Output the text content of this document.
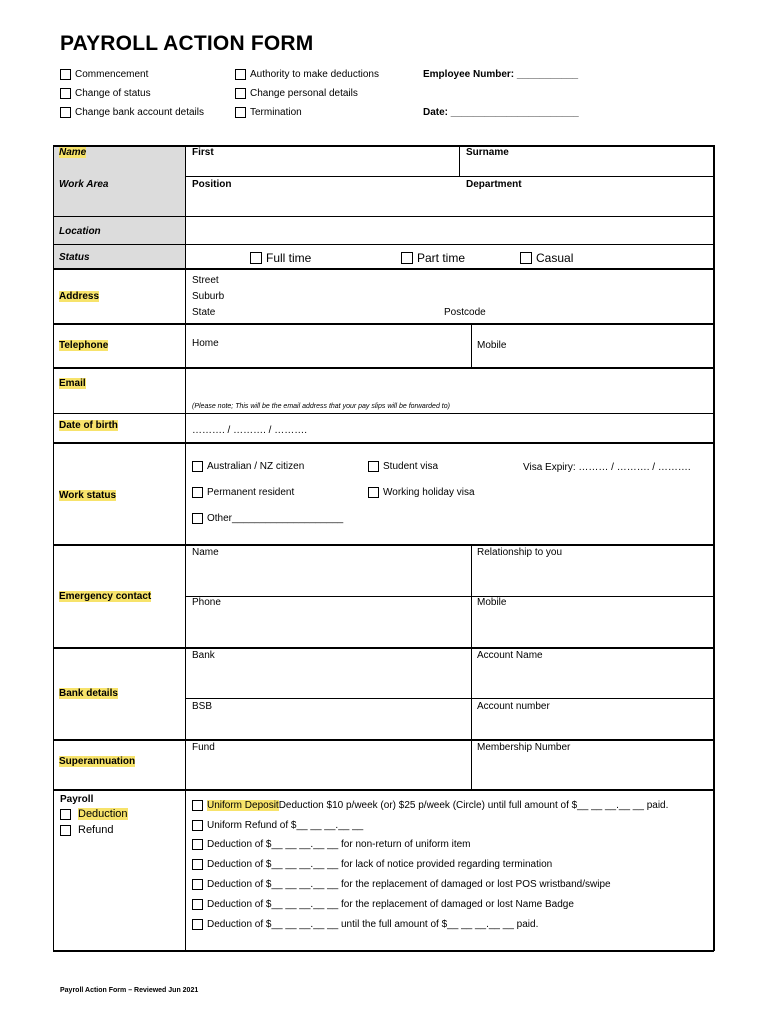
PAYROLL ACTION FORM
Commencement
Change of status
Change bank account details
Authority to make deductions
Change personal details
Termination
Employee Number: ___________
Date: _______________________
Name	First	Surname
Work Area	Position	Department
Location
Status	Full time	Part time	Casual
Address
Street
Suburb
State	Postcode
Telephone	Home	Mobile
Email
(Please note; This will be the email address that your pay slips will be forwarded to)
Date of birth	………. / ………. / ……….
Work status
Australian / NZ citizen	Student visa	Visa Expiry: ……… / ………. / ……….
Permanent resident	Working holiday visa
Other____________________
Emergency contact
Name	Relationship to you
Phone	Mobile
Bank details
Bank	Account Name
BSB	Account number
Superannuation
Fund	Membership Number
Payroll
Deduction
Refund
Uniform Deposit Deduction $10 p/week (or) $25 p/week (Circle) until full amount of $__ __ __.__ __ paid.
Uniform Refund of $__ __ __.__ __
Deduction of $__ __ __.__ __ for non-return of uniform item
Deduction of $__ __ __.__ __ for lack of notice provided regarding termination
Deduction of $__ __ __.__ __ for the replacement of damaged or lost POS wristband/swipe
Deduction of $__ __ __.__ __ for the replacement of damaged or lost Name Badge
Deduction of $__ __ __.__ __ until the full amount of $__ __ __.__ __ paid.
Payroll Action Form – Reviewed Jun 2021
